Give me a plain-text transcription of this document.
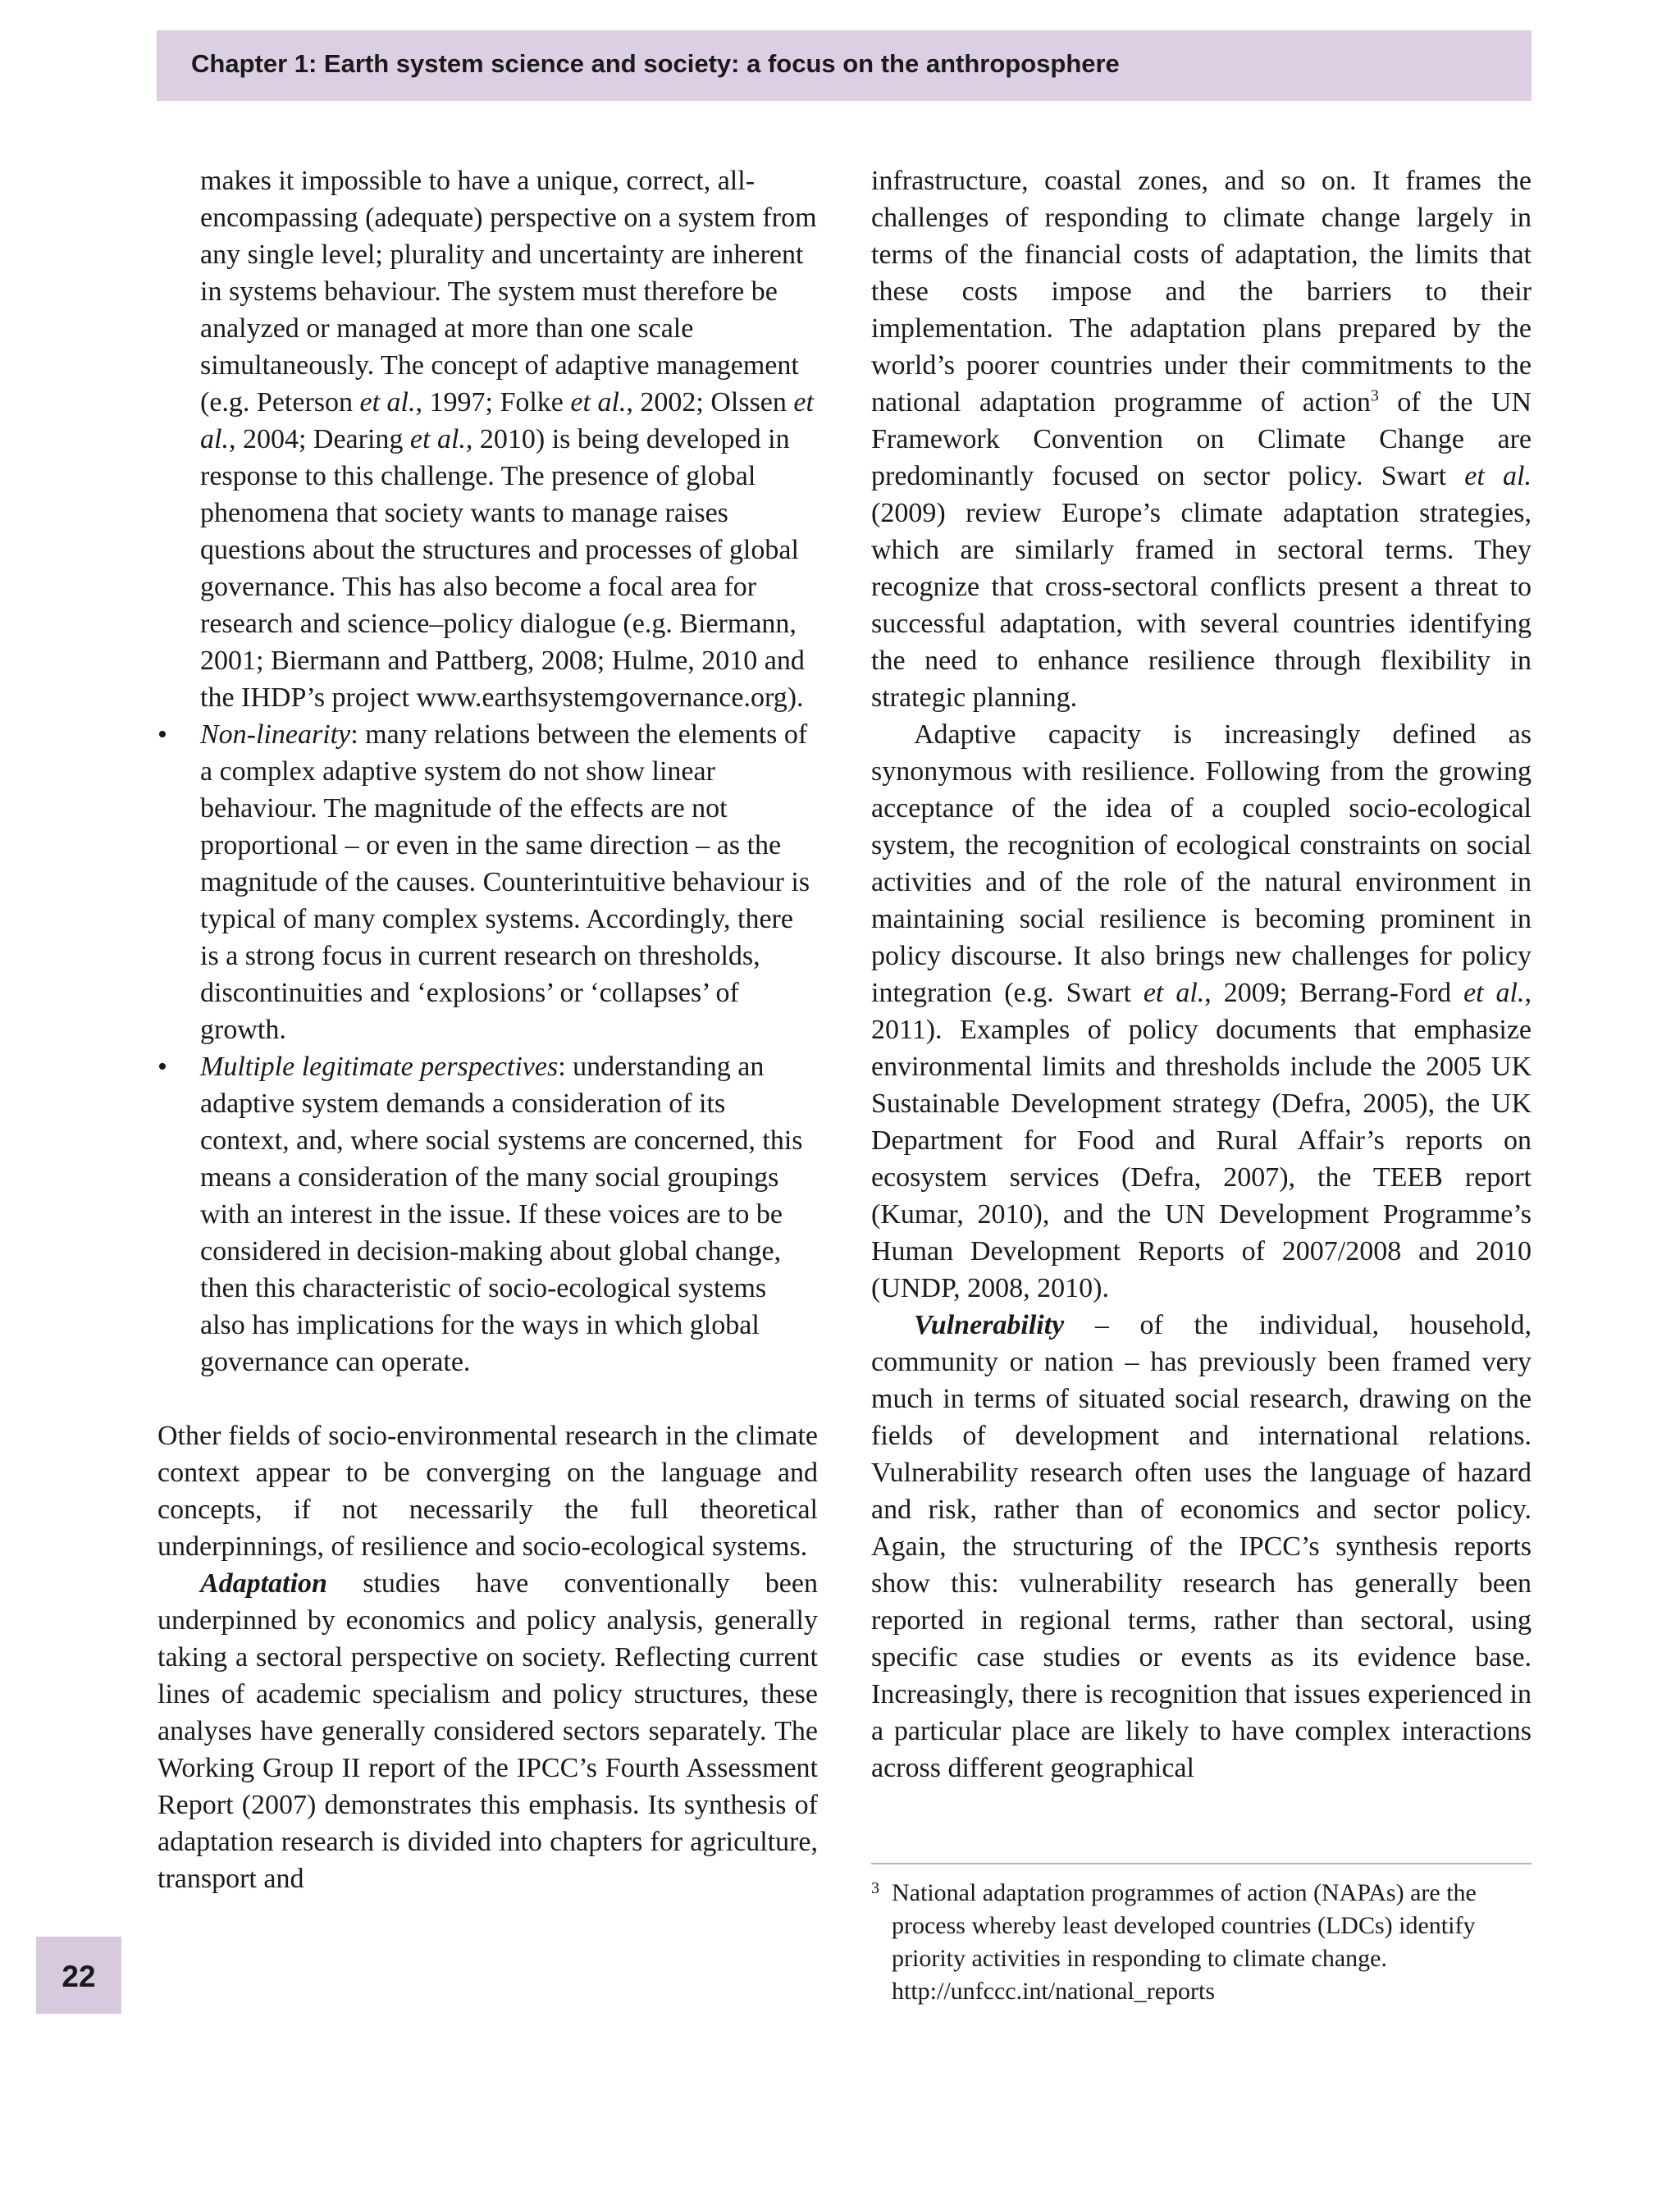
Chapter 1: Earth system science and society: a focus on the anthroposphere

makes it impossible to have a unique, correct, all-encompassing (adequate) perspective on a system from any single level; plurality and uncertainty are inherent in systems behaviour. The system must therefore be analyzed or managed at more than one scale simultaneously. The concept of adaptive management (e.g. Peterson et al., 1997; Folke et al., 2002; Olssen et al., 2004; Dearing et al., 2010) is being developed in response to this challenge. The presence of global phenomena that society wants to manage raises questions about the structures and processes of global governance. This has also become a focal area for research and science–policy dialogue (e.g. Biermann, 2001; Biermann and Pattberg, 2008; Hulme, 2010 and the IHDP’s project www.earthsystemgovernance.org).

• Non-linearity: many relations between the elements of a complex adaptive system do not show linear behaviour. The magnitude of the effects are not proportional – or even in the same direction – as the magnitude of the causes. Counterintuitive behaviour is typical of many complex systems. Accordingly, there is a strong focus in current research on thresholds, discontinuities and ‘explosions’ or ‘collapses’ of growth.
• Multiple legitimate perspectives: understanding an adaptive system demands a consideration of its context, and, where social systems are concerned, this means a consideration of the many social groupings with an interest in the issue. If these voices are to be considered in decision-making about global change, then this characteristic of socio-ecological systems also has implications for the ways in which global governance can operate.

Other fields of socio-environmental research in the climate context appear to be converging on the language and concepts, if not necessarily the full theoretical underpinnings, of resilience and socio-ecological systems.

Adaptation studies have conventionally been underpinned by economics and policy analysis, generally taking a sectoral perspective on society. Reflecting current lines of academic specialism and policy structures, these analyses have generally considered sectors separately. The Working Group II report of the IPCC’s Fourth Assessment Report (2007) demonstrates this emphasis. Its synthesis of adaptation research is divided into chapters for agriculture, transport and

infrastructure, coastal zones, and so on. It frames the challenges of responding to climate change largely in terms of the financial costs of adaptation, the limits that these costs impose and the barriers to their implementation. The adaptation plans prepared by the world’s poorer countries under their commitments to the national adaptation programme of action$^3$ of the UN Framework Convention on Climate Change are predominantly focused on sector policy. Swart et al. (2009) review Europe’s climate adaptation strategies, which are similarly framed in sectoral terms. They recognize that cross-sectoral conflicts present a threat to successful adaptation, with several countries identifying the need to enhance resilience through flexibility in strategic planning.

Adaptive capacity is increasingly defined as synonymous with resilience. Following from the growing acceptance of the idea of a coupled socio-ecological system, the recognition of ecological constraints on social activities and of the role of the natural environment in maintaining social resilience is becoming prominent in policy discourse. It also brings new challenges for policy integration (e.g. Swart et al., 2009; Berrang-Ford et al., 2011). Examples of policy documents that emphasize environmental limits and thresholds include the 2005 UK Sustainable Development strategy (Defra, 2005), the UK Department for Food and Rural Affair’s reports on ecosystem services (Defra, 2007), the TEEB report (Kumar, 2010), and the UN Development Programme’s Human Development Reports of 2007/2008 and 2010 (UNDP, 2008, 2010).

Vulnerability – of the individual, household, community or nation – has previously been framed very much in terms of situated social research, drawing on the fields of development and international relations. Vulnerability research often uses the language of hazard and risk, rather than of economics and sector policy. Again, the structuring of the IPCC’s synthesis reports show this: vulnerability research has generally been reported in regional terms, rather than sectoral, using specific case studies or events as its evidence base. Increasingly, there is recognition that issues experienced in a particular place are likely to have complex interactions across different geographical

3 National adaptation programmes of action (NAPAs) are the process whereby least developed countries (LDCs) identify priority activities in responding to climate change. http://unfccc.int/national_reports
22
